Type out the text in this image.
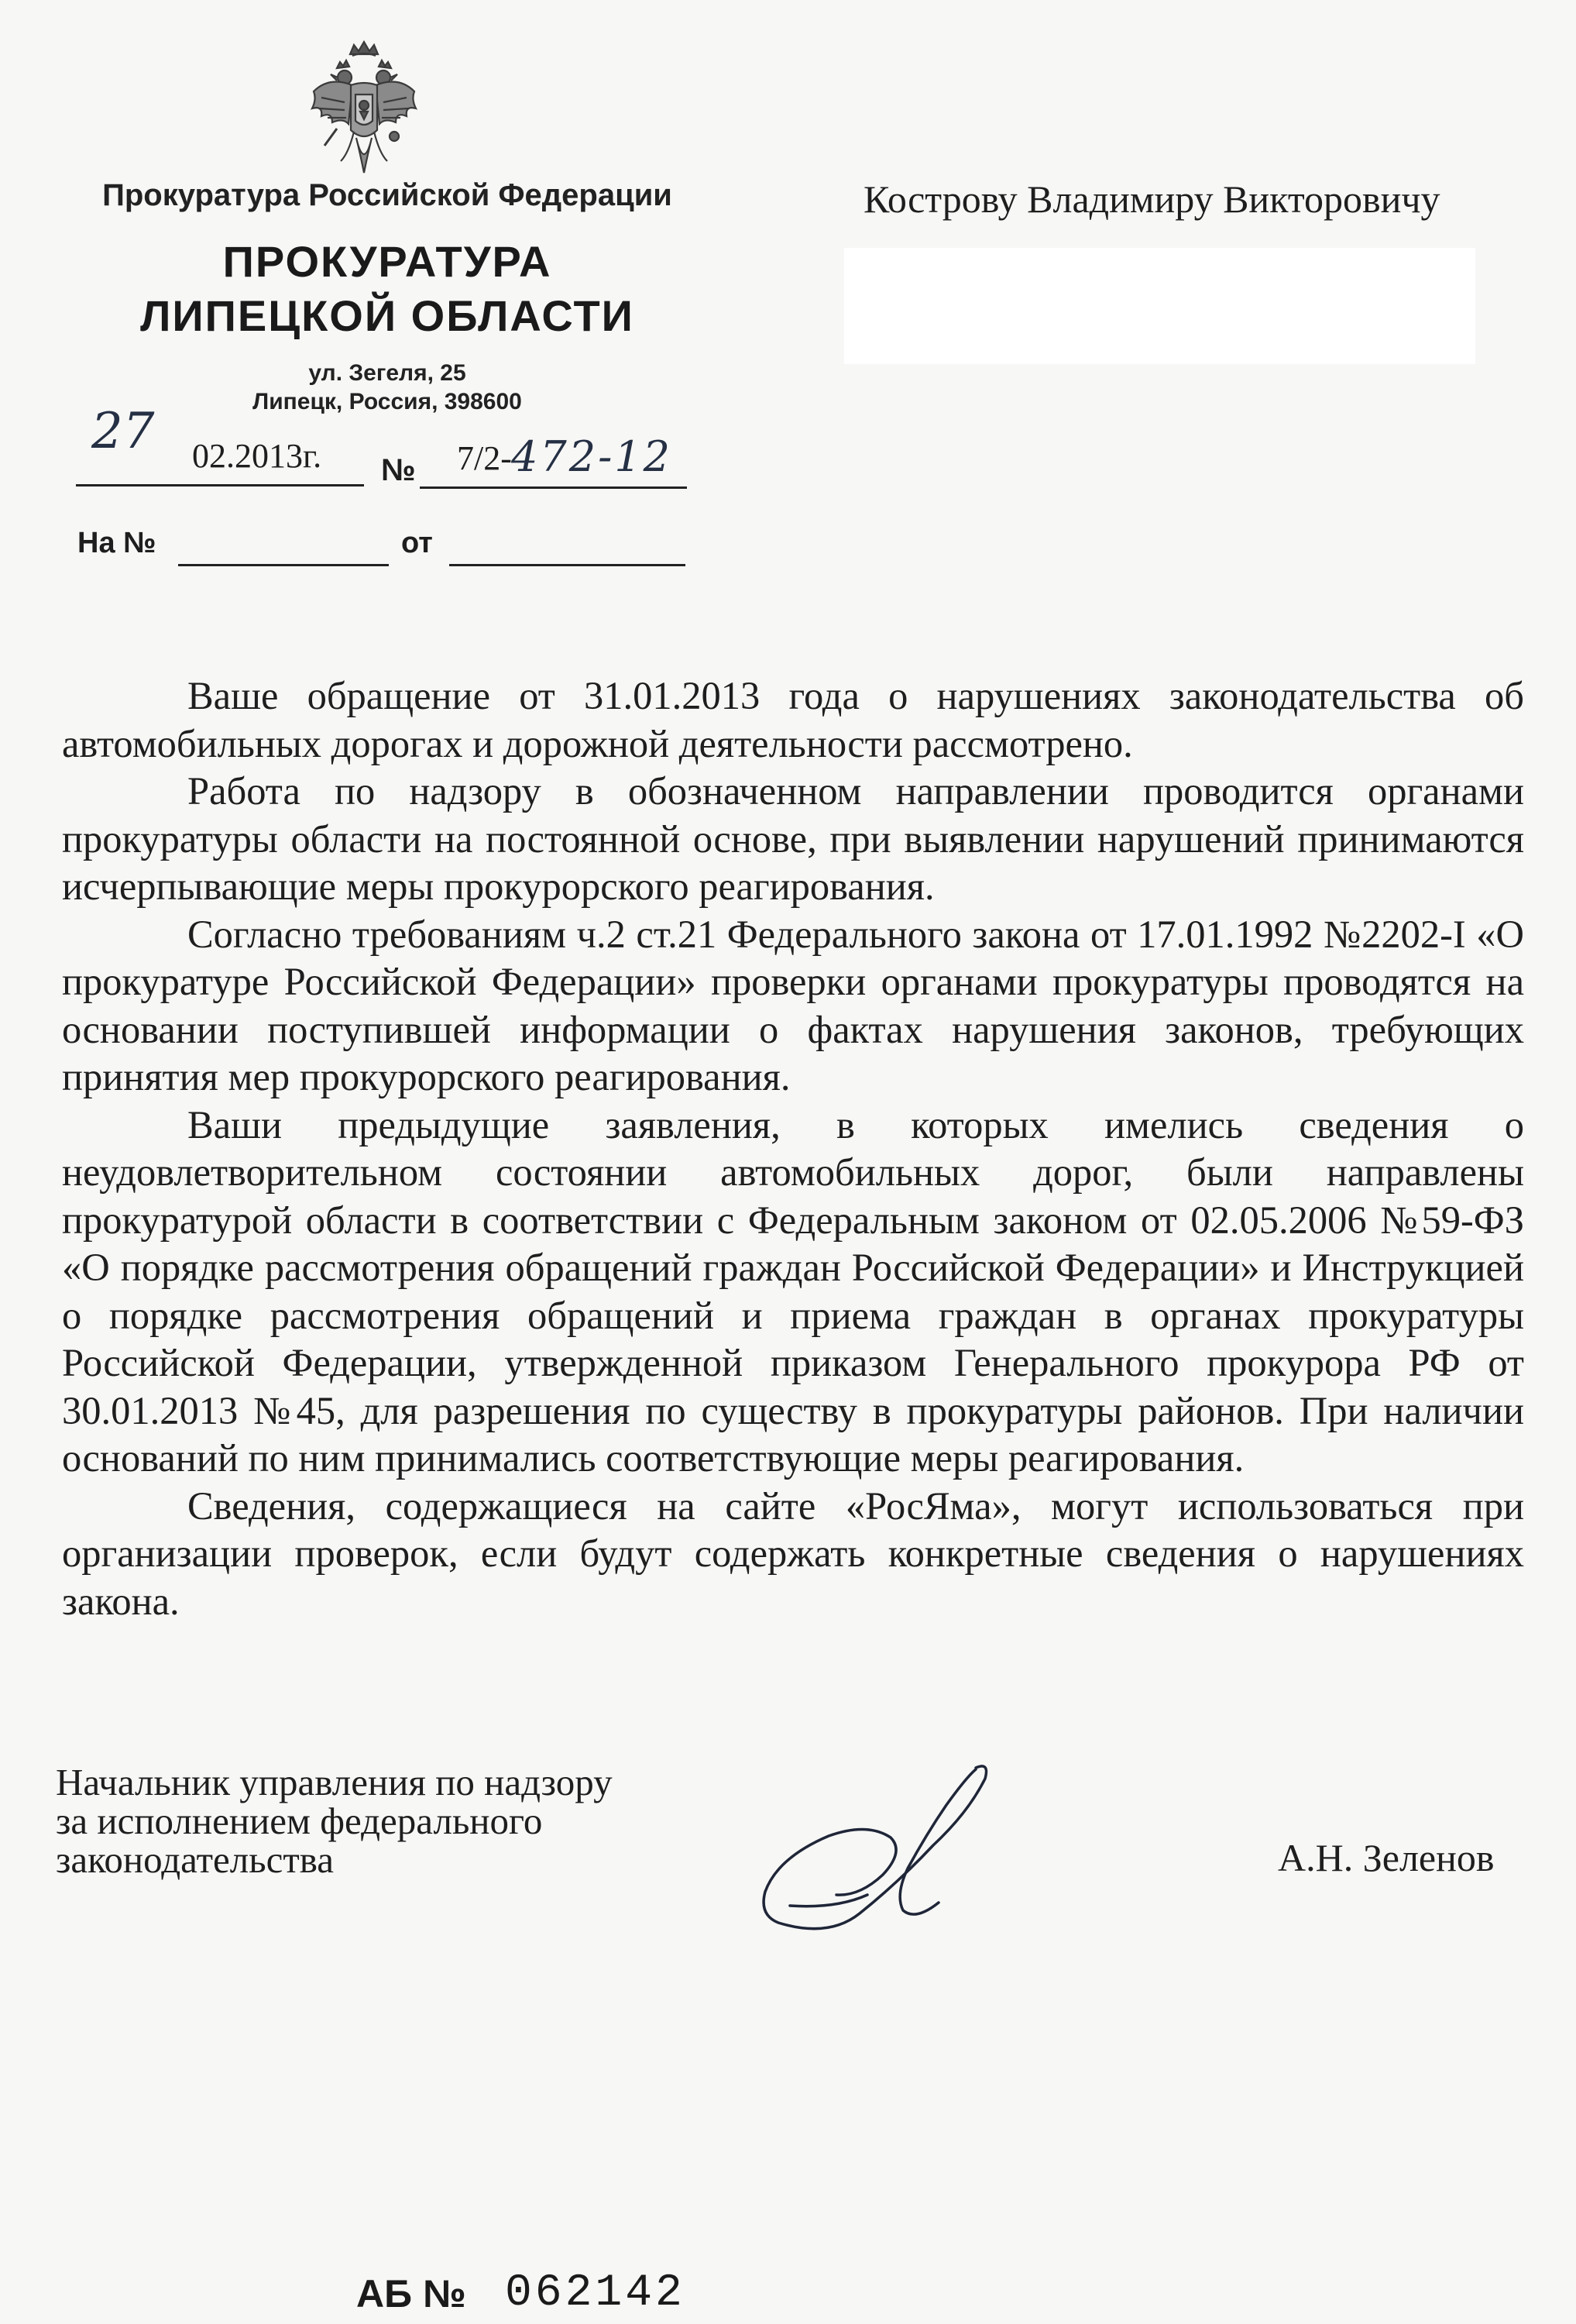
Прокуратура Российской Федерации
ПРОКУРАТУРА
ЛИПЕЦКОЙ ОБЛАСТИ
ул. Зегеля, 25
Липецк, Россия, 398600
Кострову Владимиру Викторовичу
27 02.2013г. № 7/2- 472-12
На №	от

Ваше обращение от 31.01.2013 года о нарушениях законодательства об автомобильных дорогах и дорожной деятельности рассмотрено.

Работа по надзору в обозначенном направлении проводится органами прокуратуры области на постоянной основе, при выявлении нарушений принимаются исчерпывающие меры прокурорского реагирования.

Согласно требованиям ч.2 ст.21 Федерального закона от 17.01.1992 №2202-I «О прокуратуре Российской Федерации» проверки органами прокуратуры проводятся на основании поступившей информации о фактах нарушения законов, требующих принятия мер прокурорского реагирования.

Ваши предыдущие заявления, в которых имелись сведения о неудовлетворительном состоянии автомобильных дорог, были направлены прокуратурой области в соответствии с Федеральным законом от 02.05.2006 №59-ФЗ «О порядке рассмотрения обращений граждан Российской Федерации» и Инструкцией о порядке рассмотрения обращений и приема граждан в органах прокуратуры Российской Федерации, утвержденной приказом Генерального прокурора РФ от 30.01.2013 №45, для разрешения по существу в прокуратуры районов. При наличии оснований по ним принимались соответствующие меры реагирования.

Сведения, содержащиеся на сайте «РосЯма», могут использоваться при организации проверок, если будут содержать конкретные сведения о нарушениях закона.

Начальник управления по надзору
за исполнением федерального
законодательства	А.Н. Зеленов
АБ № 062142
